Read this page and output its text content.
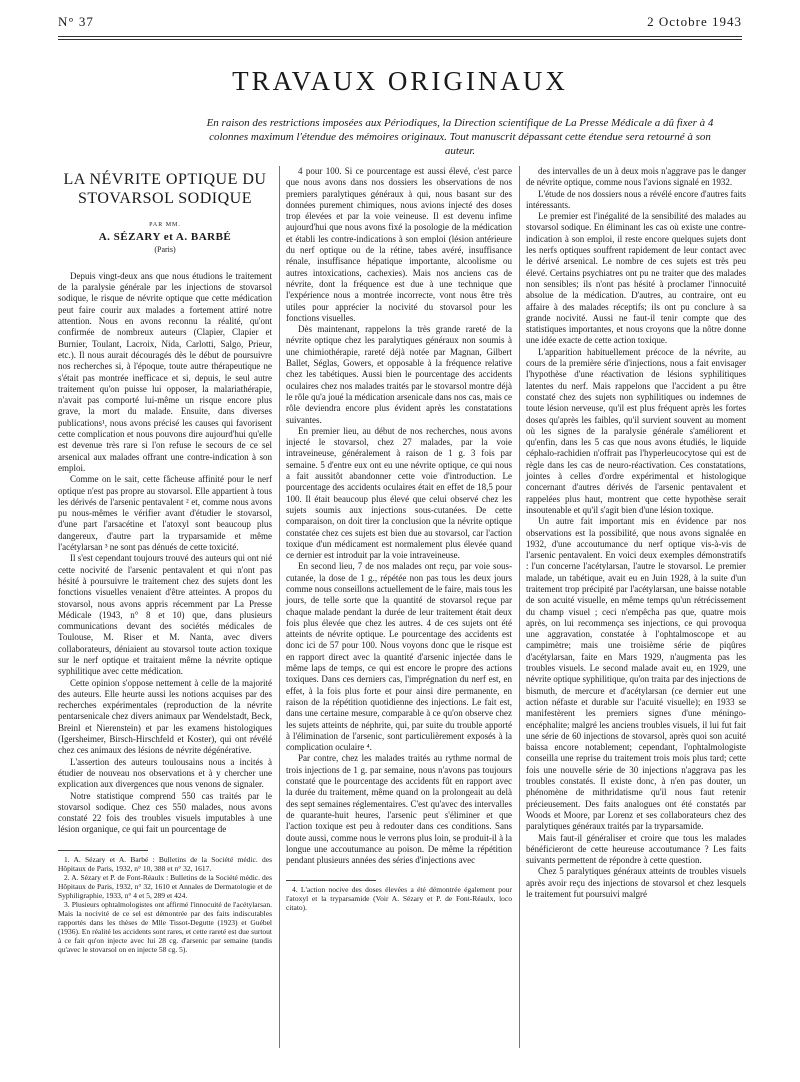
N° 37	2 Octobre 1943
TRAVAUX ORIGINAUX
En raison des restrictions imposées aux Périodiques, la Direction scientifique de La Presse Médicale a dû fixer à 4 colonnes maximum l'étendue des mémoires originaux. Tout manuscrit dépassant cette étendue sera retourné à son auteur.
LA NÉVRITE OPTIQUE DU STOVARSOL SODIQUE
PAR MM.
A. SÉZARY et A. BARBÉ
(Paris)

Depuis vingt-deux ans que nous étudions le traitement de la paralysie générale par les injections de stovarsol sodique, le risque de névrite optique que cette médication peut faire courir aux malades a fortement attiré notre attention. Nous en avons reconnu la réalité, qu'ont confirmée de nombreux auteurs (Clapier, Clapier et Burnier, Toulant, Lacroix, Nida, Carlotti, Salgo, Prieur, etc.). Il nous aurait découragés dès le début de poursuivre nos recherches si, à l'époque, toute autre thérapeutique ne s'était pas montrée inefficace et si, depuis, le seul autre traitement qu'on puisse lui opposer, la malariathérapie, n'avait pas comporté lui-même un risque encore plus grave, la mort du malade. Ensuite, dans diverses publications¹, nous avons précisé les causes qui favorisent cette complication et nous pouvons dire aujourd'hui qu'elle est devenue très rare si l'on refuse le secours de ce sel arsenical aux malades offrant une contre-indication à son emploi.

Comme on le sait, cette fâcheuse affinité pour le nerf optique n'est pas propre au stovarsol. Elle appartient à tous les dérivés de l'arsenic pentavalent ² et, comme nous avons pu nous-mêmes le vérifier avant d'étudier le stovarsol, d'une part l'arsacétine et l'atoxyl sont beaucoup plus dangereux, d'autre part la tryparsamide et même l'acétylarsan ³ ne sont pas dénués de cette toxicité.

Il s'est cependant toujours trouvé des auteurs qui ont nié cette nocivité de l'arsenic pentavalent et qui n'ont pas hésité à poursuivre le traitement chez des sujets dont les fonctions visuelles venaient d'être atteintes. A propos du stovarsol, nous avons appris récemment par La Presse Médicale (1943, n° 8 et 10) que, dans plusieurs communications devant des sociétés médicales de Toulouse, M. Riser et M. Nanta, avec divers collaborateurs, déniaient au stovarsol toute action toxique sur le nerf optique et traitaient même la névrite optique syphilitique avec cette médication.

Cette opinion s'oppose nettement à celle de la majorité des auteurs. Elle heurte aussi les notions acquises par des recherches expérimentales (reproduction de la névrite pentarsenicale chez divers animaux par Wendelstadt, Beck, Breinl et Nierenstein) et par les examens histologiques (Igersheimer, Birsch-Hirschfeld et Koster), qui ont révélé chez ces animaux des lésions de névrite dégénérative.

L'assertion des auteurs toulousains nous a incités à étudier de nouveau nos observations et à y chercher une explication aux divergences que nous venons de signaler.

Notre statistique comprend 550 cas traités par le stovarsol sodique. Chez ces 550 malades, nous avons constaté 22 fois des troubles visuels imputables à une lésion organique, ce qui fait un pourcentage de

1. A. Sézary et A. Barbé : Bulletins de la Société médic. des Hôpitaux de Paris, 1932, n° 10, 388 et n° 32, 1617.

2. A. Sézary et P. de Font-Réaulx : Bulletins de la Société médic. des Hôpitaux de Paris, 1932, n° 32, 1610 et Annales de Dermatologie et de Syphiligraphie, 1933, n° 4 et 5, 289 et 424.

3. Plusieurs ophtalmologistes ont affirmé l'innocuité de l'acétylarsan. Mais la nocivité de ce sel est démontrée par des faits indiscutables rapportés dans les thèses de Mlle Tissot-Degutte (1923) et Guébel (1936). En réalité les accidents sont rares, et cette rareté est due surtout à ce fait qu'on injecte avec lui 28 cg. d'arsenic par semaine (tandis qu'avec le stovarsol on en injecte 58 cg. 5).

4 pour 100. Si ce pourcentage est aussi élevé, c'est parce que nous avons dans nos dossiers les observations de nos premiers paralytiques généraux à qui, nous basant sur des données purement chimiques, nous avions injecté des doses trop élevées et par la voie veineuse. Il est devenu infime aujourd'hui que nous avons fixé la posologie de la médication et établi les contre-indications à son emploi (lésion antérieure du nerf optique ou de la rétine, tabes avéré, insuffisance rénale, insuffisance hépatique importante, alcoolisme ou autres intoxications, cachexies). Mais nos anciens cas de névrite, dont la fréquence est due à une technique que l'expérience nous a montrée incorrecte, vont nous être très utiles pour apprécier la nocivité du stovarsol pour les fonctions visuelles.

Dès maintenant, rappelons la très grande rareté de la névrite optique chez les paralytiques généraux non soumis à une chimiothérapie, rareté déjà notée par Magnan, Gilbert Ballet, Séglas, Gowers, et opposable à la fréquence relative chez les tabétiques. Aussi bien le pourcentage des accidents oculaires chez nos malades traités par le stovarsol montre déjà le rôle qu'a joué la médication arsenicale dans nos cas, mais ce rôle deviendra encore plus évident après les constatations suivantes.

En premier lieu, au début de nos recherches, nous avons injecté le stovarsol, chez 27 malades, par la voie intraveineuse, généralement à raison de 1 g. 3 fois par semaine. 5 d'entre eux ont eu une névrite optique, ce qui nous a fait aussitôt abandonner cette voie d'introduction. Le pourcentage des accidents oculaires était en effet de 18,5 pour 100. Il était beaucoup plus élevé que celui observé chez les sujets soumis aux injections sous-cutanées. De cette comparaison, on doit tirer la conclusion que la névrite optique constatée chez ces sujets est bien due au stovarsol, car l'action toxique d'un médicament est normalement plus élevée quand ce dernier est introduit par la voie intraveineuse.

En second lieu, 7 de nos malades ont reçu, par voie sous-cutanée, la dose de 1 g., répétée non pas tous les deux jours comme nous conseillons actuellement de le faire, mais tous les jours, de telle sorte que la quantité de stovarsol reçue par chaque malade pendant la durée de leur traitement était deux fois plus élevée que chez les autres. 4 de ces sujets ont été atteints de névrite optique. Le pourcentage des accidents est donc ici de 57 pour 100. Nous voyons donc que le risque est en rapport direct avec la quantité d'arsenic injectée dans le même laps de temps, ce qui est encore le propre des actions toxiques. Dans ces derniers cas, l'imprégnation du nerf est, en effet, à la fois plus forte et pour ainsi dire permanente, en raison de la répétition quotidienne des injections. Le fait est, dans une certaine mesure, comparable à ce qu'on observe chez les sujets atteints de néphrite, qui, par suite du trouble apporté à l'élimination de l'arsenic, sont particulièrement exposés à la complication oculaire ⁴.

Par contre, chez les malades traités au rythme normal de trois injections de 1 g. par semaine, nous n'avons pas toujours constaté que le pourcentage des accidents fût en rapport avec la durée du traitement, même quand on la prolongeait au delà des sept semaines réglementaires. C'est qu'avec des intervalles de quarante-huit heures, l'arsenic peut s'éliminer et que l'action toxique est peu à redouter dans ces conditions. Sans doute aussi, comme nous le verrons plus loin, se produit-il à la longue une accoutumance au poison. De même la répétition pendant plusieurs années des séries d'injections avec

4. L'action nocive des doses élevées a été démontrée également pour l'atoxyl et la tryparsamide (Voir A. Sézary et P. de Font-Réaulx, loco citato).

des intervalles de un à deux mois n'aggrave pas le danger de névrite optique, comme nous l'avions signalé en 1932.

L'étude de nos dossiers nous a révélé encore d'autres faits intéressants.

Le premier est l'inégalité de la sensibilité des malades au stovarsol sodique. En éliminant les cas où existe une contre-indication à son emploi, il reste encore quelques sujets dont les nerfs optiques souffrent rapidement de leur contact avec le dérivé arsenical. Le nombre de ces sujets est très peu élevé. Certains psychiatres ont pu ne traiter que des malades non sensibles; ils n'ont pas hésité à proclamer l'innocuité absolue de la médication. D'autres, au contraire, ont eu affaire à des malades réceptifs; ils ont pu conclure à sa grande nocivité. Aussi ne faut-il tenir compte que des statistiques importantes, et nous croyons que la nôtre donne une idée exacte de cette action toxique.

L'apparition habituellement précoce de la névrite, au cours de la première série d'injections, nous a fait envisager l'hypothèse d'une réactivation de lésions syphilitiques latentes du nerf. Mais rappelons que l'accident a pu être constaté chez des sujets non syphilitiques ou indemnes de toute lésion nerveuse, qu'il est plus fréquent après les fortes doses qu'après les faibles, qu'il survient souvent au moment où les signes de la paralysie générale s'améliorent et qu'enfin, dans les 5 cas que nous avons étudiés, le liquide céphalo-rachidien n'offrait pas l'hyperleucocytose qui est de règle dans les cas de neuro-réactivation. Ces constatations, jointes à celles d'ordre expérimental et histologique concernant d'autres dérivés de l'arsenic pentavalent et rappelées plus haut, montrent que cette hypothèse serait insoutenable et qu'il s'agit bien d'une lésion toxique.

Un autre fait important mis en évidence par nos observations est la possibilité, que nous avons signalée en 1932, d'une accoutumance du nerf optique vis-à-vis de l'arsenic pentavalent. En voici deux exemples démonstratifs : l'un concerne l'acétylarsan, l'autre le stovarsol. Le premier malade, un tabétique, avait eu en Juin 1928, à la suite d'un traitement trop précipité par l'acétylarsan, une baisse notable de son acuité visuelle, en même temps qu'un rétrécissement du champ visuel ; ceci n'empêcha pas que, quatre mois après, on lui recommença ses injections, ce qui provoqua une aggravation, constatée à l'ophtalmoscope et au campimètre; mais une troisième série de piqûres d'acétylarsan, faite en Mars 1929, n'augmenta pas les troubles visuels. Le second malade avait eu, en 1929, une névrite optique syphilitique, qu'on traita par des injections de bismuth, de mercure et d'acétylarsan (ce dernier eut une action néfaste et durable sur l'acuité visuelle); en 1933 se manifestèrent les premiers signes d'une méningo-encéphalite; malgré les anciens troubles visuels, il lui fut fait une série de 60 injections de stovarsol, après quoi son acuité baissa encore notablement; cependant, l'ophtalmologiste conseilla une reprise du traitement trois mois plus tard; cette fois une nouvelle série de 30 injections n'aggrava pas les troubles constatés. Il existe donc, à n'en pas douter, un phénomène de mithridatisme qu'il nous faut retenir précieusement. Des faits analogues ont été constatés par Woods et Moore, par Lorenz et ses collaborateurs chez des paralytiques généraux traités par la tryparsamide.

Mais faut-il généraliser et croire que tous les malades bénéficieront de cette heureuse accoutumance ? Les faits suivants permettent de répondre à cette question.

Chez 5 paralytiques généraux atteints de troubles visuels après avoir reçu des injections de stovarsol et chez lesquels le traitement fut poursuivi malgré
